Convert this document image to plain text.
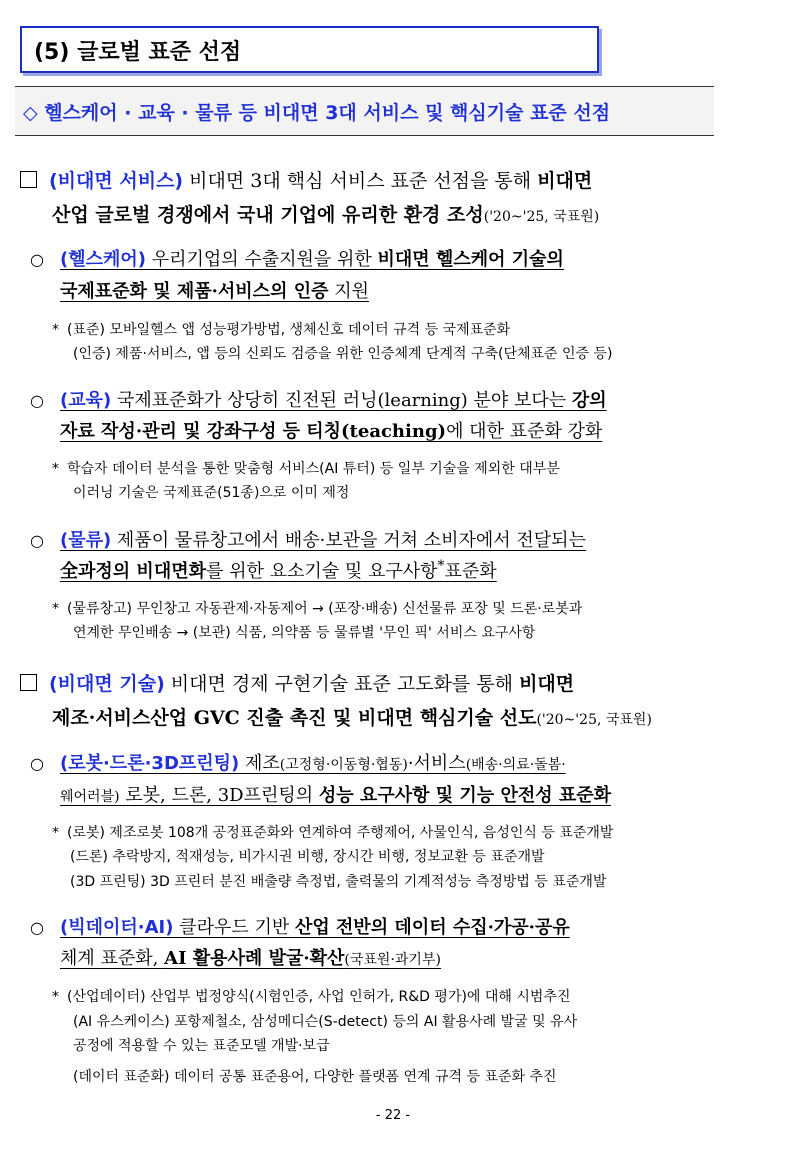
(5) 글로벌 표준 선점
◇ 헬스케어 · 교육 · 물류 등 비대면 3대 서비스 및 핵심기술 표준 선점
(비대면 서비스) 비대면 3대 핵심 서비스 표준 선점을 통해 비대면
산업 글로벌 경쟁에서 국내 기업에 유리한 환경 조성('20~'25, 국표원)
○ (헬스케어) 우리기업의 수출지원을 위한 비대면 헬스케어 기술의
국제표준화 및 제품·서비스의 인증 지원
* (표준) 모바일헬스 앱 성능평가방법, 생체신호 데이터 규격 등 국제표준화
(인증) 제품·서비스, 앱 등의 신뢰도 검증을 위한 인증체계 단계적 구축(단체표준 인증 등)
○ (교육) 국제표준화가 상당히 진전된 러닝(learning) 분야 보다는 강의
자료 작성·관리 및 강좌구성 등 티칭(teaching)에 대한 표준화 강화
* 학습자 데이터 분석을 통한 맞춤형 서비스(AI 튜터) 등 일부 기술을 제외한 대부분
이러닝 기술은 국제표준(51종)으로 이미 제정
○ (물류) 제품이 물류창고에서 배송·보관을 거쳐 소비자에서 전달되는
全과정의 비대면화를 위한 요소기술 및 요구사항*표준화
* (물류창고) 무인창고 자동관제·자동제어 → (포장·배송) 신선물류 포장 및 드론·로봇과
연계한 무인배송 → (보관) 식품, 의약품 등 물류별 '무인 픽' 서비스 요구사항
(비대면 기술) 비대면 경제 구현기술 표준 고도화를 통해 비대면
제조·서비스산업 GVC 진출 촉진 및 비대면 핵심기술 선도('20~'25, 국표원)
○ (로봇·드론·3D프린팅) 제조(고정형·이동형·협동)·서비스(배송·의료·돌봄·
웨어러블) 로봇, 드론, 3D프린팅의 성능 요구사항 및 기능 안전성 표준화
* (로봇) 제조로봇 108개 공정표준화와 연계하여 주행제어, 사물인식, 음성인식 등 표준개발
(드론) 추락방지, 적재성능, 비가시권 비행, 장시간 비행, 정보교환 등 표준개발
(3D 프린팅) 3D 프린터 분진 배출량 측정법, 출력물의 기계적성능 측정방법 등 표준개발
○ (빅데이터·AI) 클라우드 기반 산업 전반의 데이터 수집·가공·공유
체계 표준화, AI 활용사례 발굴·확산(국표원·과기부)
* (산업데이터) 산업부 법정양식(시험인증, 사업 인허가, R&D 평가)에 대해 시범추진
(AI 유스케이스) 포항제철소, 삼성메디슨(S-detect) 등의 AI 활용사례 발굴 및 유사
공정에 적용할 수 있는 표준모델 개발·보급
(데이터 표준화) 데이터 공통 표준용어, 다양한 플랫폼 연계 규격 등 표준화 추진
- 22 -
